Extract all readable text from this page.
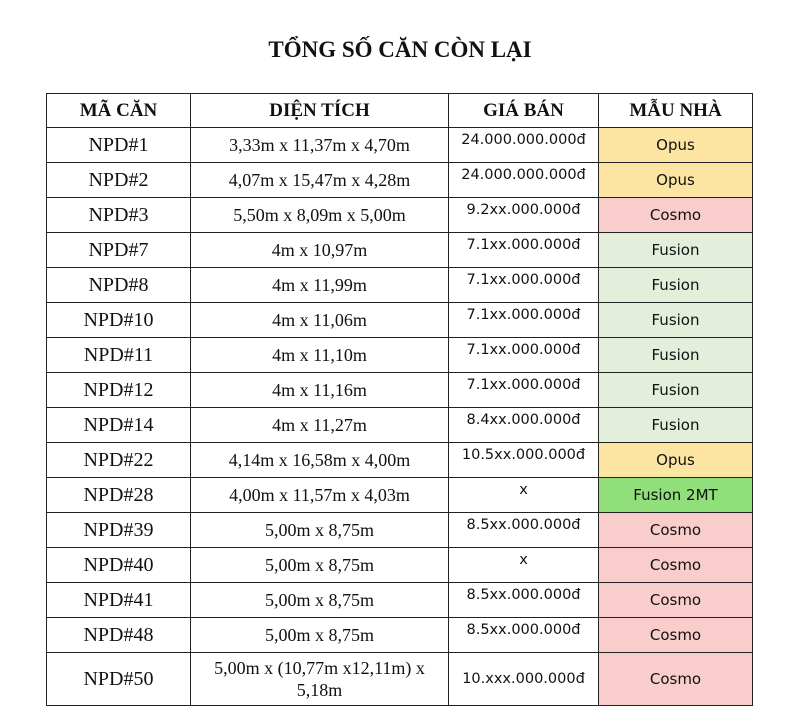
TỔNG SỐ CĂN CÒN LẠI
MÃ CĂN	DIỆN TÍCH	GIÁ BÁN	MẪU NHÀ
NPD#1	3,33m x 11,37m x 4,70m	24.000.000.000đ	Opus
NPD#2	4,07m x 15,47m x 4,28m	24.000.000.000đ	Opus
NPD#3	5,50m x 8,09m x 5,00m	9.2xx.000.000đ	Cosmo
NPD#7	4m x 10,97m	7.1xx.000.000đ	Fusion
NPD#8	4m x 11,99m	7.1xx.000.000đ	Fusion
NPD#10	4m x 11,06m	7.1xx.000.000đ	Fusion
NPD#11	4m x 11,10m	7.1xx.000.000đ	Fusion
NPD#12	4m x 11,16m	7.1xx.000.000đ	Fusion
NPD#14	4m x 11,27m	8.4xx.000.000đ	Fusion
NPD#22	4,14m x 16,58m x 4,00m	10.5xx.000.000đ	Opus
NPD#28	4,00m x 11,57m x 4,03m	x	Fusion 2MT
NPD#39	5,00m x 8,75m	8.5xx.000.000đ	Cosmo
NPD#40	5,00m x 8,75m	x	Cosmo
NPD#41	5,00m x 8,75m	8.5xx.000.000đ	Cosmo
NPD#48	5,00m x 8,75m	8.5xx.000.000đ	Cosmo
NPD#50	5,00m x (10,77m x12,11m) x 5,18m	10.xxx.000.000đ	Cosmo
